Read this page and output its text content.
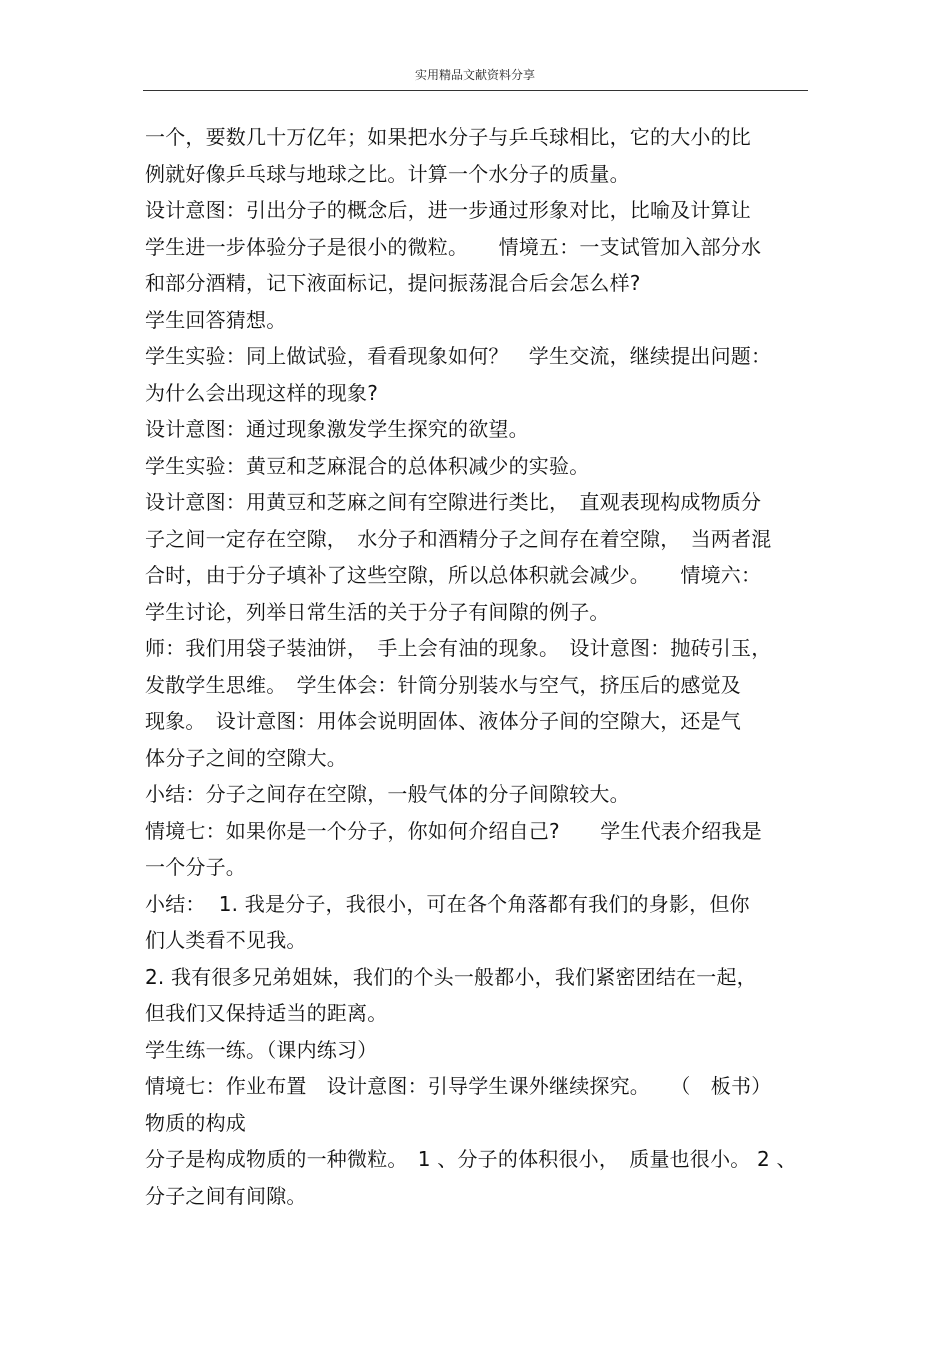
实用精品文献资料分享
一个，要数几十万亿年；如果把水分子与乒乓球相比，它的大小的比
例就好像乒乓球与地球之比。计算一个水分子的质量。
设计意图：引出分子的概念后，进一步通过形象对比，比喻及计算让
学生进一步体验分子是很小的微粒。　　情境五：一支试管加入部分水
和部分酒精，记下液面标记，提问振荡混合后会怎么样?
学生回答猜想。
学生实验：同上做试验，看看现象如何？　学生交流，继续提出问题：
为什么会出现这样的现象?
设计意图：通过现象激发学生探究的欲望。
学生实验：黄豆和芝麻混合的总体积减少的实验。
设计意图：用黄豆和芝麻之间有空隙进行类比，　直观表现构成物质分
子之间一定存在空隙，　水分子和酒精分子之间存在着空隙，　当两者混
合时，由于分子填补了这些空隙，所以总体积就会减少。　　情境六：
学生讨论，列举日常生活的关于分子有间隙的例子。
师：我们用袋子装油饼，　手上会有油的现象。　设计意图：抛砖引玉，
发散学生思维。　学生体会：针筒分别装水与空气，挤压后的感觉及
现象。　设计意图：用体会说明固体、液体分子间的空隙大，还是气
体分子之间的空隙大。
小结：分子之间存在空隙，一般气体的分子间隙较大。
情境七：如果你是一个分子，你如何介绍自己?　　学生代表介绍我是
一个分子。
小结：  1. 我是分子，我很小，可在各个角落都有我们的身影，但你
们人类看不见我。
2. 我有很多兄弟姐妹，我们的个头一般都小，我们紧密团结在一起，
但我们又保持适当的距离。
学生练一练。（课内练习）
情境七：作业布置　设计意图：引导学生课外继续探究。　　（　板书）
物质的构成
分子是构成物质的一种微粒。　1 、分子的体积很小，　质量也很小。 2 、
分子之间有间隙。
